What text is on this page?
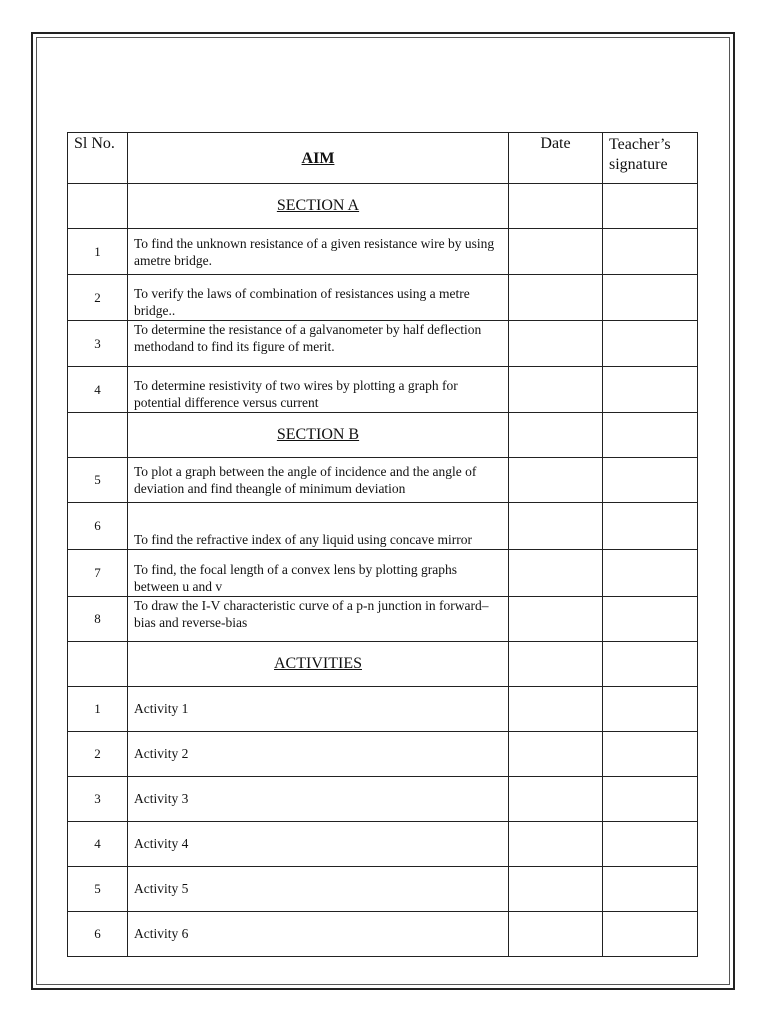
Sl No.	AIM	Date	Teacher’s signature
	SECTION A		
1	To find the unknown resistance of a given resistance wire by using ametre bridge.		
2	To verify the laws of combination of resistances using a metre bridge..		
3	To determine the resistance of a galvanometer by half deflection methodand to find its figure of merit.		
4	To determine resistivity of two wires by plotting a graph for potential difference versus current		
	SECTION B		
5	To plot a graph between the angle of incidence and the angle of deviation and find theangle of minimum deviation		
6	To find the refractive index of any liquid using concave mirror		
7	To find, the focal length of a convex lens by plotting graphs between u and v		
8	To draw the I-V characteristic curve of a p-n junction in forward–bias and reverse-bias		
	ACTIVITIES		
1	Activity 1		
2	Activity 2		
3	Activity 3		
4	Activity 4		
5	Activity 5		
6	Activity 6		
